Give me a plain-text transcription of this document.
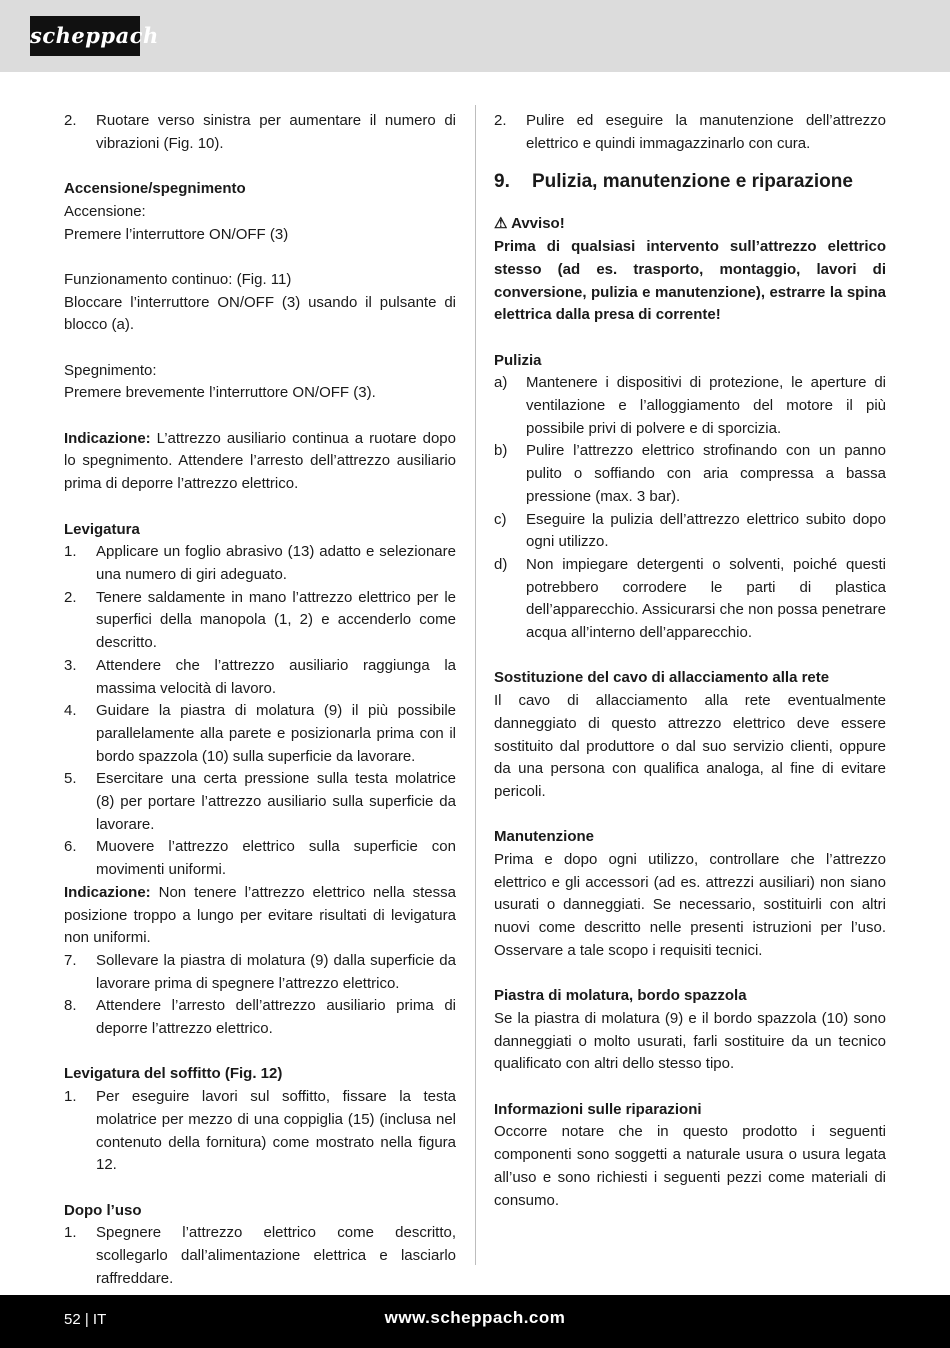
scheppach
2.	Ruotare verso sinistra per aumentare il numero di vibrazioni (Fig. 10).

Accensione/spegnimento

Accensione:

Premere l’interruttore ON/OFF (3)

Funzionamento continuo: (Fig. 11)

Bloccare l’interruttore ON/OFF (3) usando il pulsante di blocco (a).

Spegnimento:

Premere brevemente l’interruttore ON/OFF (3).

Indicazione: L’attrezzo ausiliario continua a ruotare dopo lo spegnimento. Attendere l’arresto dell’attrezzo ausiliario prima di deporre l’attrezzo elettrico.

Levigatura

1.	Applicare un foglio abrasivo (13) adatto e selezionare una numero di giri adeguato.
2.	Tenere saldamente in mano l’attrezzo elettrico per le superfici della manopola (1, 2) e accenderlo come descritto.
3.	Attendere che l’attrezzo ausiliario raggiunga la massima velocità di lavoro.
4.	Guidare la piastra di molatura (9) il più possibile parallelamente alla parete e posizionarla prima con il bordo spazzola (10) sulla superficie da lavorare.
5.	Esercitare una certa pressione sulla testa molatrice (8) per portare l’attrezzo ausiliario sulla superficie da lavorare.
6.	Muovere l’attrezzo elettrico sulla superficie con movimenti uniformi.

Indicazione: Non tenere l’attrezzo elettrico nella stessa posizione troppo a lungo per evitare risultati di levigatura non uniformi.

7.	Sollevare la piastra di molatura (9) dalla superficie da lavorare prima di spegnere l’attrezzo elettrico.
8.	Attendere l’arresto dell’attrezzo ausiliario prima di deporre l’attrezzo elettrico.

Levigatura del soffitto (Fig. 12)

1.	Per eseguire lavori sul soffitto, fissare la testa molatrice per mezzo di una coppiglia (15) (inclusa nel contenuto della fornitura) come mostrato nella figura 12.

Dopo l’uso

1.	Spegnere l’attrezzo elettrico come descritto, scollegarlo dall’alimentazione elettrica e lasciarlo raffreddare.
2.	Pulire ed eseguire la manutenzione dell’attrezzo elettrico e quindi immagazzinarlo con cura.
9.	Pulizia, manutenzione e riparazione

⚠ Avviso!

Prima di qualsiasi intervento sull’attrezzo elettrico stesso (ad es. trasporto, montaggio, lavori di conversione, pulizia e manutenzione), estrarre la spina elettrica dalla presa di corrente!

Pulizia

a)	Mantenere i dispositivi di protezione, le aperture di ventilazione e l’alloggiamento del motore il più possibile privi di polvere e di sporcizia.
b)	Pulire l’attrezzo elettrico strofinando con un panno pulito o soffiando con aria compressa a bassa pressione (max. 3 bar).
c)	Eseguire la pulizia dell’attrezzo elettrico subito dopo ogni utilizzo.
d)	Non impiegare detergenti o solventi, poiché questi potrebbero corrodere le parti di plastica dell’apparecchio. Assicurarsi che non possa penetrare acqua all’interno dell’apparecchio.

Sostituzione del cavo di allacciamento alla rete

Il cavo di allacciamento alla rete eventualmente danneggiato di questo attrezzo elettrico deve essere sostituito dal produttore o dal suo servizio clienti, oppure da una persona con qualifica analoga, al fine di evitare pericoli.

Manutenzione

Prima e dopo ogni utilizzo, controllare che l’attrezzo elettrico e gli accessori (ad es. attrezzi ausiliari) non siano usurati o danneggiati. Se necessario, sostituirli con altri nuovi come descritto nelle presenti istruzioni per l’uso. Osservare a tale scopo i requisiti tecnici.

Piastra di molatura, bordo spazzola

Se la piastra di molatura (9) e il bordo spazzola (10) sono danneggiati o molto usurati, farli sostituire da un tecnico qualificato con altri dello stesso tipo.

Informazioni sulle riparazioni

Occorre notare che in questo prodotto i seguenti componenti sono soggetti a naturale usura o usura legata all’uso e sono richiesti i seguenti pezzi come materiali di consumo.

52 | IT	www.scheppach.com
